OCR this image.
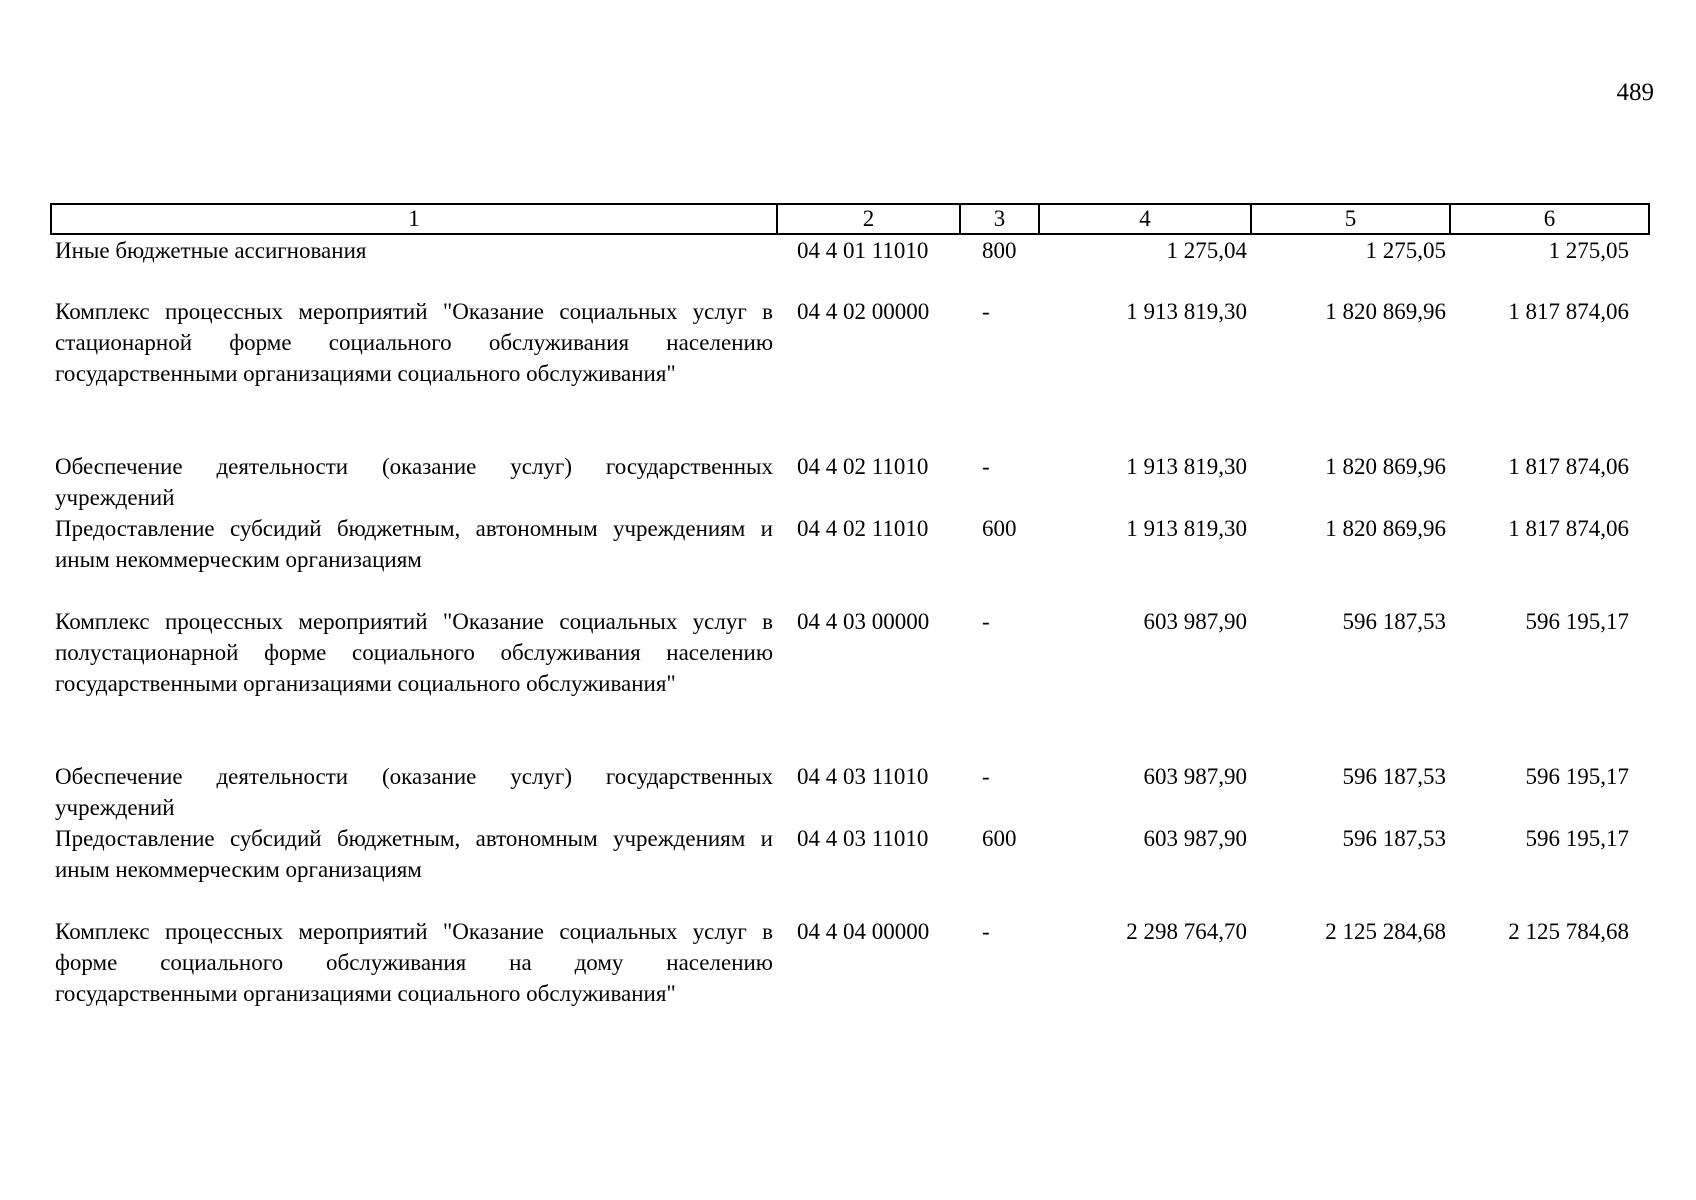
489
1	2	3	4	5	6
Иные бюджетные ассигнования	04 4 01 11010	800	1 275,04	1 275,05	1 275,05
Комплекс процессных мероприятий "Оказание социальных услуг в стационарной форме социального обслуживания населению государственными организациями социального обслуживания"	04 4 02 00000	-	1 913 819,30	1 820 869,96	1 817 874,06
Обеспечение деятельности (оказание услуг) государственных учреждений	04 4 02 11010	-	1 913 819,30	1 820 869,96	1 817 874,06
Предоставление субсидий бюджетным, автономным учреждениям и иным некоммерческим организациям	04 4 02 11010	600	1 913 819,30	1 820 869,96	1 817 874,06
Комплекс процессных мероприятий "Оказание социальных услуг в полустационарной форме социального обслуживания населению государственными организациями социального обслуживания"	04 4 03 00000	-	603 987,90	596 187,53	596 195,17
Обеспечение деятельности (оказание услуг) государственных учреждений	04 4 03 11010	-	603 987,90	596 187,53	596 195,17
Предоставление субсидий бюджетным, автономным учреждениям и иным некоммерческим организациям	04 4 03 11010	600	603 987,90	596 187,53	596 195,17
Комплекс процессных мероприятий "Оказание социальных услуг в форме социального обслуживания на дому населению государственными организациями социального обслуживания"	04 4 04 00000	-	2 298 764,70	2 125 284,68	2 125 784,68
